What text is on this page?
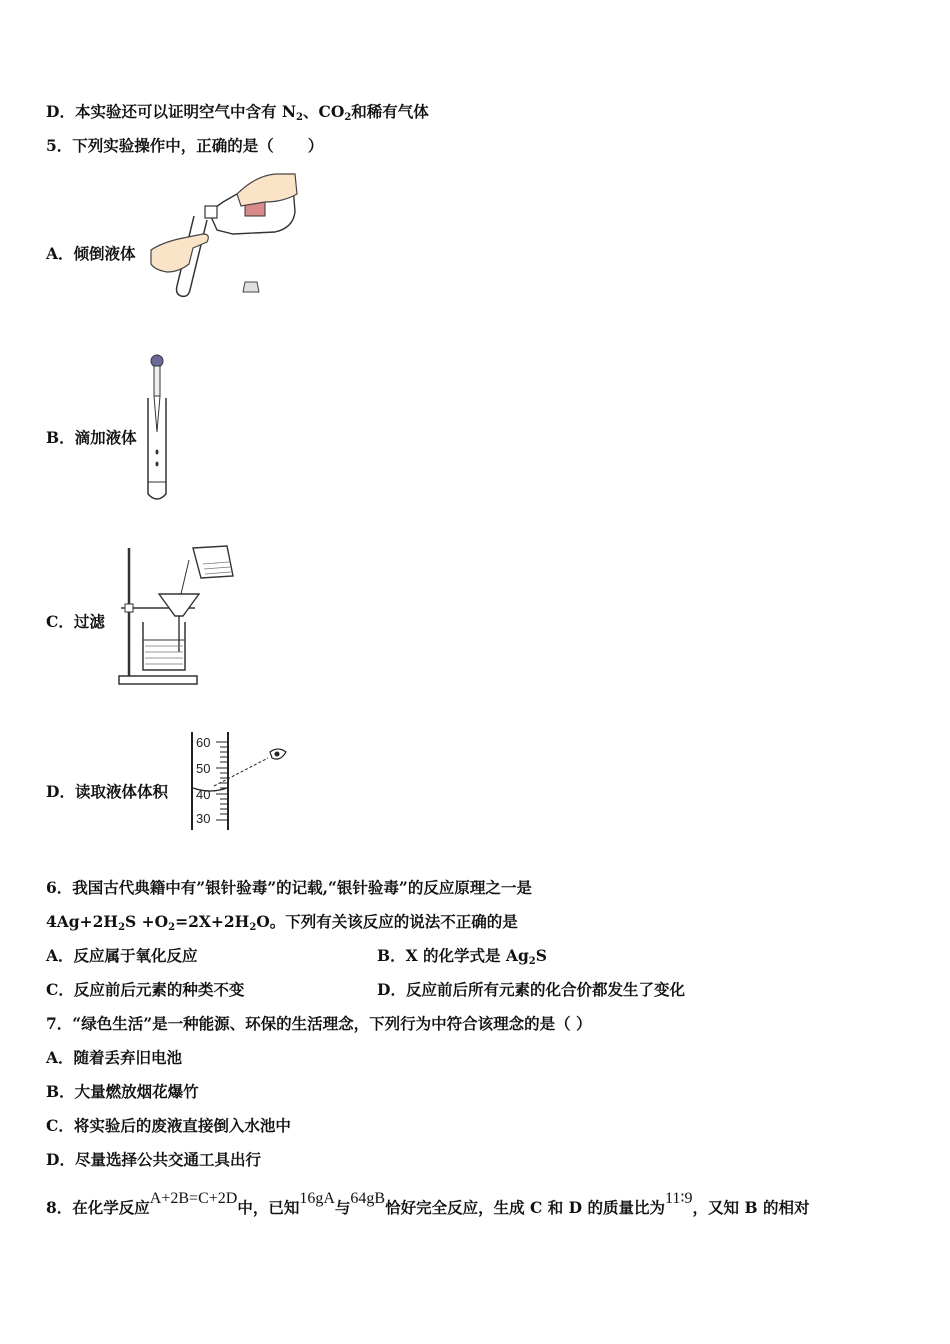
D．本实验还可以证明空气中含有 $N_2$、$CO_2$和稀有气体
5．下列实验操作中，正确的是（ ）
A．倾倒液体
B．滴加液体
C．过滤
D．读取液体体积
60
50
40
30
6．我国古代典籍中有”银针验毒”的记载,“银针验毒”的反应原理之一是
$4Ag+2H_2S +O_2=2X+2H_2O$。下列有关该反应的说法不正确的是
A．反应属于氧化反应	B．X 的化学式是 $Ag_2S$
C．反应前后元素的种类不变	D．反应前后所有元素的化合价都发生了变化
7．“绿色生活”是一种能源、环保的生活理念，下列行为中符合该理念的是（ ）
A．随着丢弃旧电池
B．大量燃放烟花爆竹
C．将实验后的废液直接倒入水池中
D．尽量选择公共交通工具出行
8．在化学反应A+2B=C+2D中，已知16gA与64gB恰好完全反应，生成 C 和 D 的质量比为11∶9，又知 B 的相对
